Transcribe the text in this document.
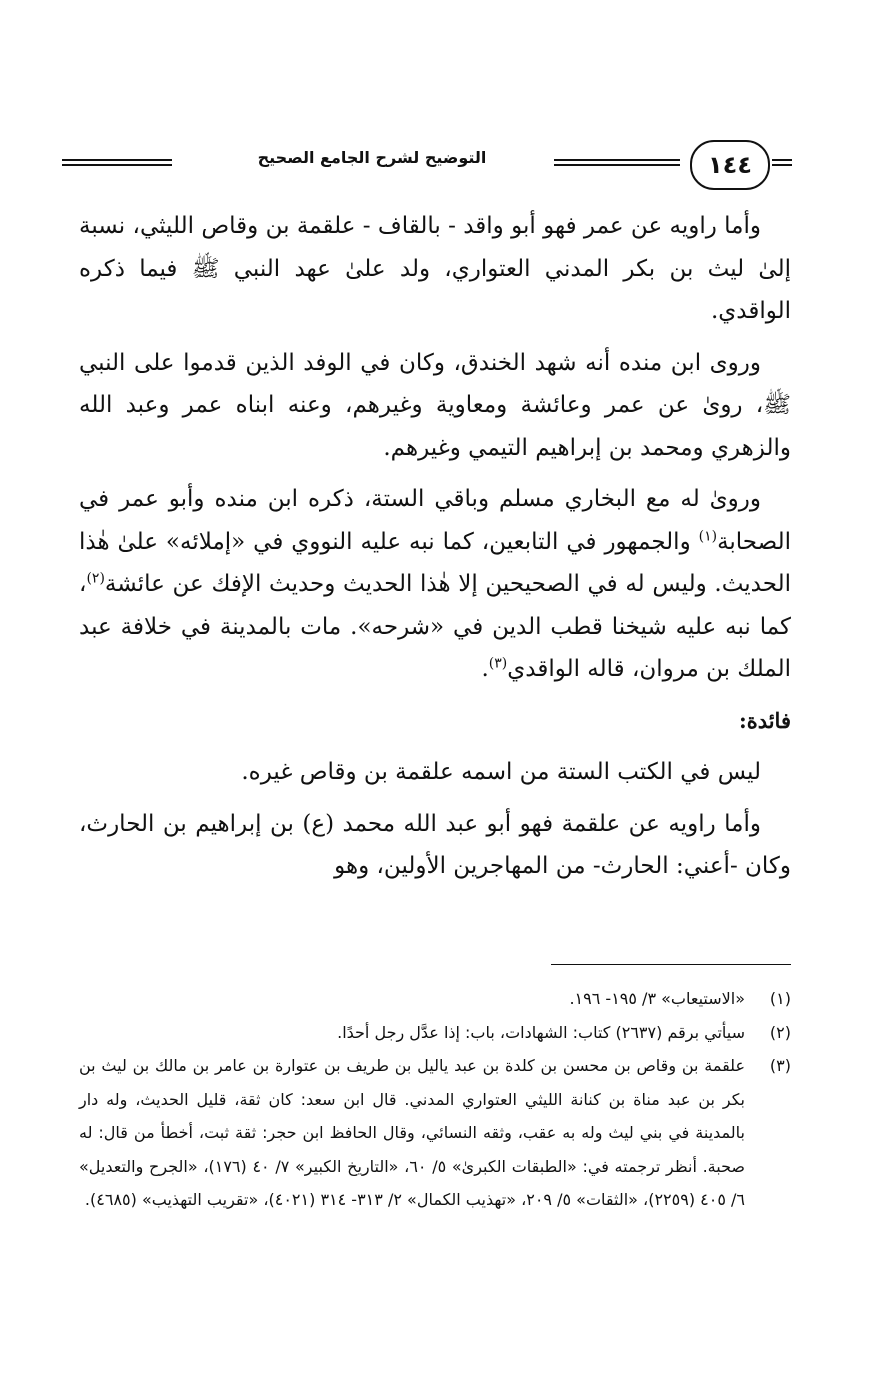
١٤٤
التوضيح لشرح الجامع الصحيح

وأما راويه عن عمر فهو أبو واقد - بالقاف - علقمة بن وقاص الليثي، نسبة إلىٰ ليث بن بكر المدني العتواري، ولد علىٰ عهد النبي ﷺ فيما ذكره الواقدي.

وروى ابن منده أنه شهد الخندق، وكان في الوفد الذين قدموا على النبي ﷺ، روىٰ عن عمر وعائشة ومعاوية وغيرهم، وعنه ابناه عمر وعبد الله والزهري ومحمد بن إبراهيم التيمي وغيرهم.

وروىٰ له مع البخاري مسلم وباقي الستة، ذكره ابن منده وأبو عمر في الصحابة$^{(١)}$ والجمهور في التابعين، كما نبه عليه النووي في «إملائه» علىٰ هٰذا الحديث. وليس له في الصحيحين إلا هٰذا الحديث وحديث الإفك عن عائشة$^{(٢)}$، كما نبه عليه شيخنا قطب الدين في «شرحه». مات بالمدينة في خلافة عبد الملك بن مروان، قاله الواقدي$^{(٣)}$.

فائدة:

ليس في الكتب الستة من اسمه علقمة بن وقاص غيره.

وأما راويه عن علقمة فهو أبو عبد الله محمد (ع) بن إبراهيم بن الحارث، وكان -أعني: الحارث- من المهاجرين الأولين، وهو

(١)
«الاستيعاب» ٣/ ١٩٥- ١٩٦.
(٢)
سيأتي برقم (٢٦٣٧) كتاب: الشهادات، باب: إذا عدَّل رجل أحدًا.
(٣)
علقمة بن وقاص بن محسن بن كلدة بن عبد ياليل بن طريف بن عتوارة بن عامر بن مالك بن ليث بن بكر بن عبد مناة بن كنانة الليثي العتواري المدني. قال ابن سعد: كان ثقة، قليل الحديث، وله دار بالمدينة في بني ليث وله به عقب، وثقه النسائي، وقال الحافظ ابن حجر: ثقة ثبت، أخطأ من قال: له صحبة. أنظر ترجمته في: «الطبقات الكبرىٰ» ٥/ ٦٠، «التاريخ الكبير» ٧/ ٤٠ (١٧٦)، «الجرح والتعديل» ٦/ ٤٠٥ (٢٢٥٩)، «الثقات» ٥/ ٢٠٩، «تهذيب الكمال» ٢/ ٣١٣- ٣١٤ (٤٠٢١)، «تقريب التهذيب» (٤٦٨٥).
